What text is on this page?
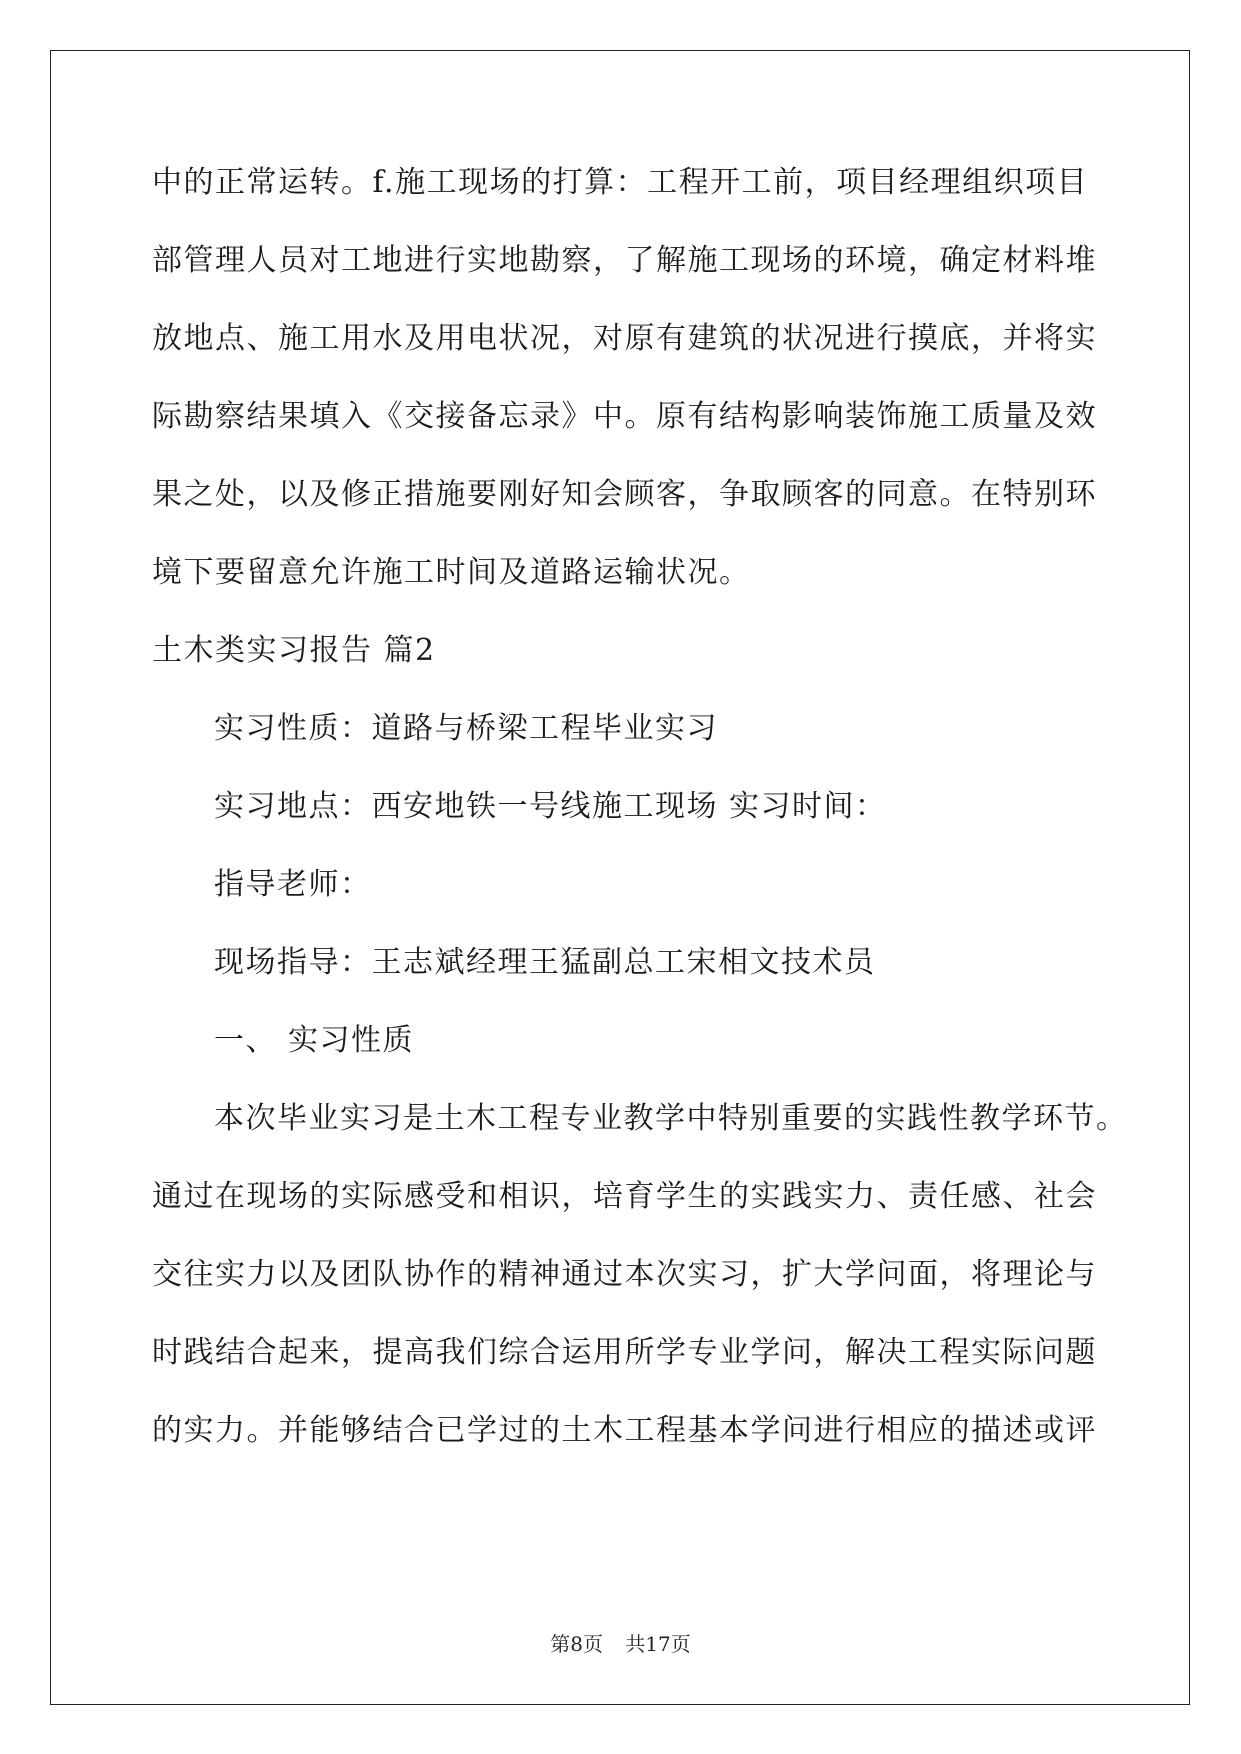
中的正常运转。f.施工现场的打算：工程开工前，项目经理组织项目
部管理人员对工地进行实地勘察，了解施工现场的环境，确定材料堆
放地点、施工用水及用电状况，对原有建筑的状况进行摸底，并将实
际勘察结果填入《交接备忘录》中。原有结构影响装饰施工质量及效
果之处，以及修正措施要刚好知会顾客，争取顾客的同意。在特别环
境下要留意允许施工时间及道路运输状况。
土木类实习报告 篇2
实习性质：道路与桥梁工程毕业实习
实习地点：西安地铁一号线施工现场 实习时间：
指导老师：
现场指导：王志斌经理王猛副总工宋相文技术员
一、 实习性质
本次毕业实习是土木工程专业教学中特别重要的实践性教学环节。
通过在现场的实际感受和相识，培育学生的实践实力、责任感、社会
交往实力以及团队协作的精神通过本次实习，扩大学问面，将理论与
时践结合起来，提高我们综合运用所学专业学问，解决工程实际问题
的实力。并能够结合已学过的土木工程基本学问进行相应的描述或评
第8页 共17页
